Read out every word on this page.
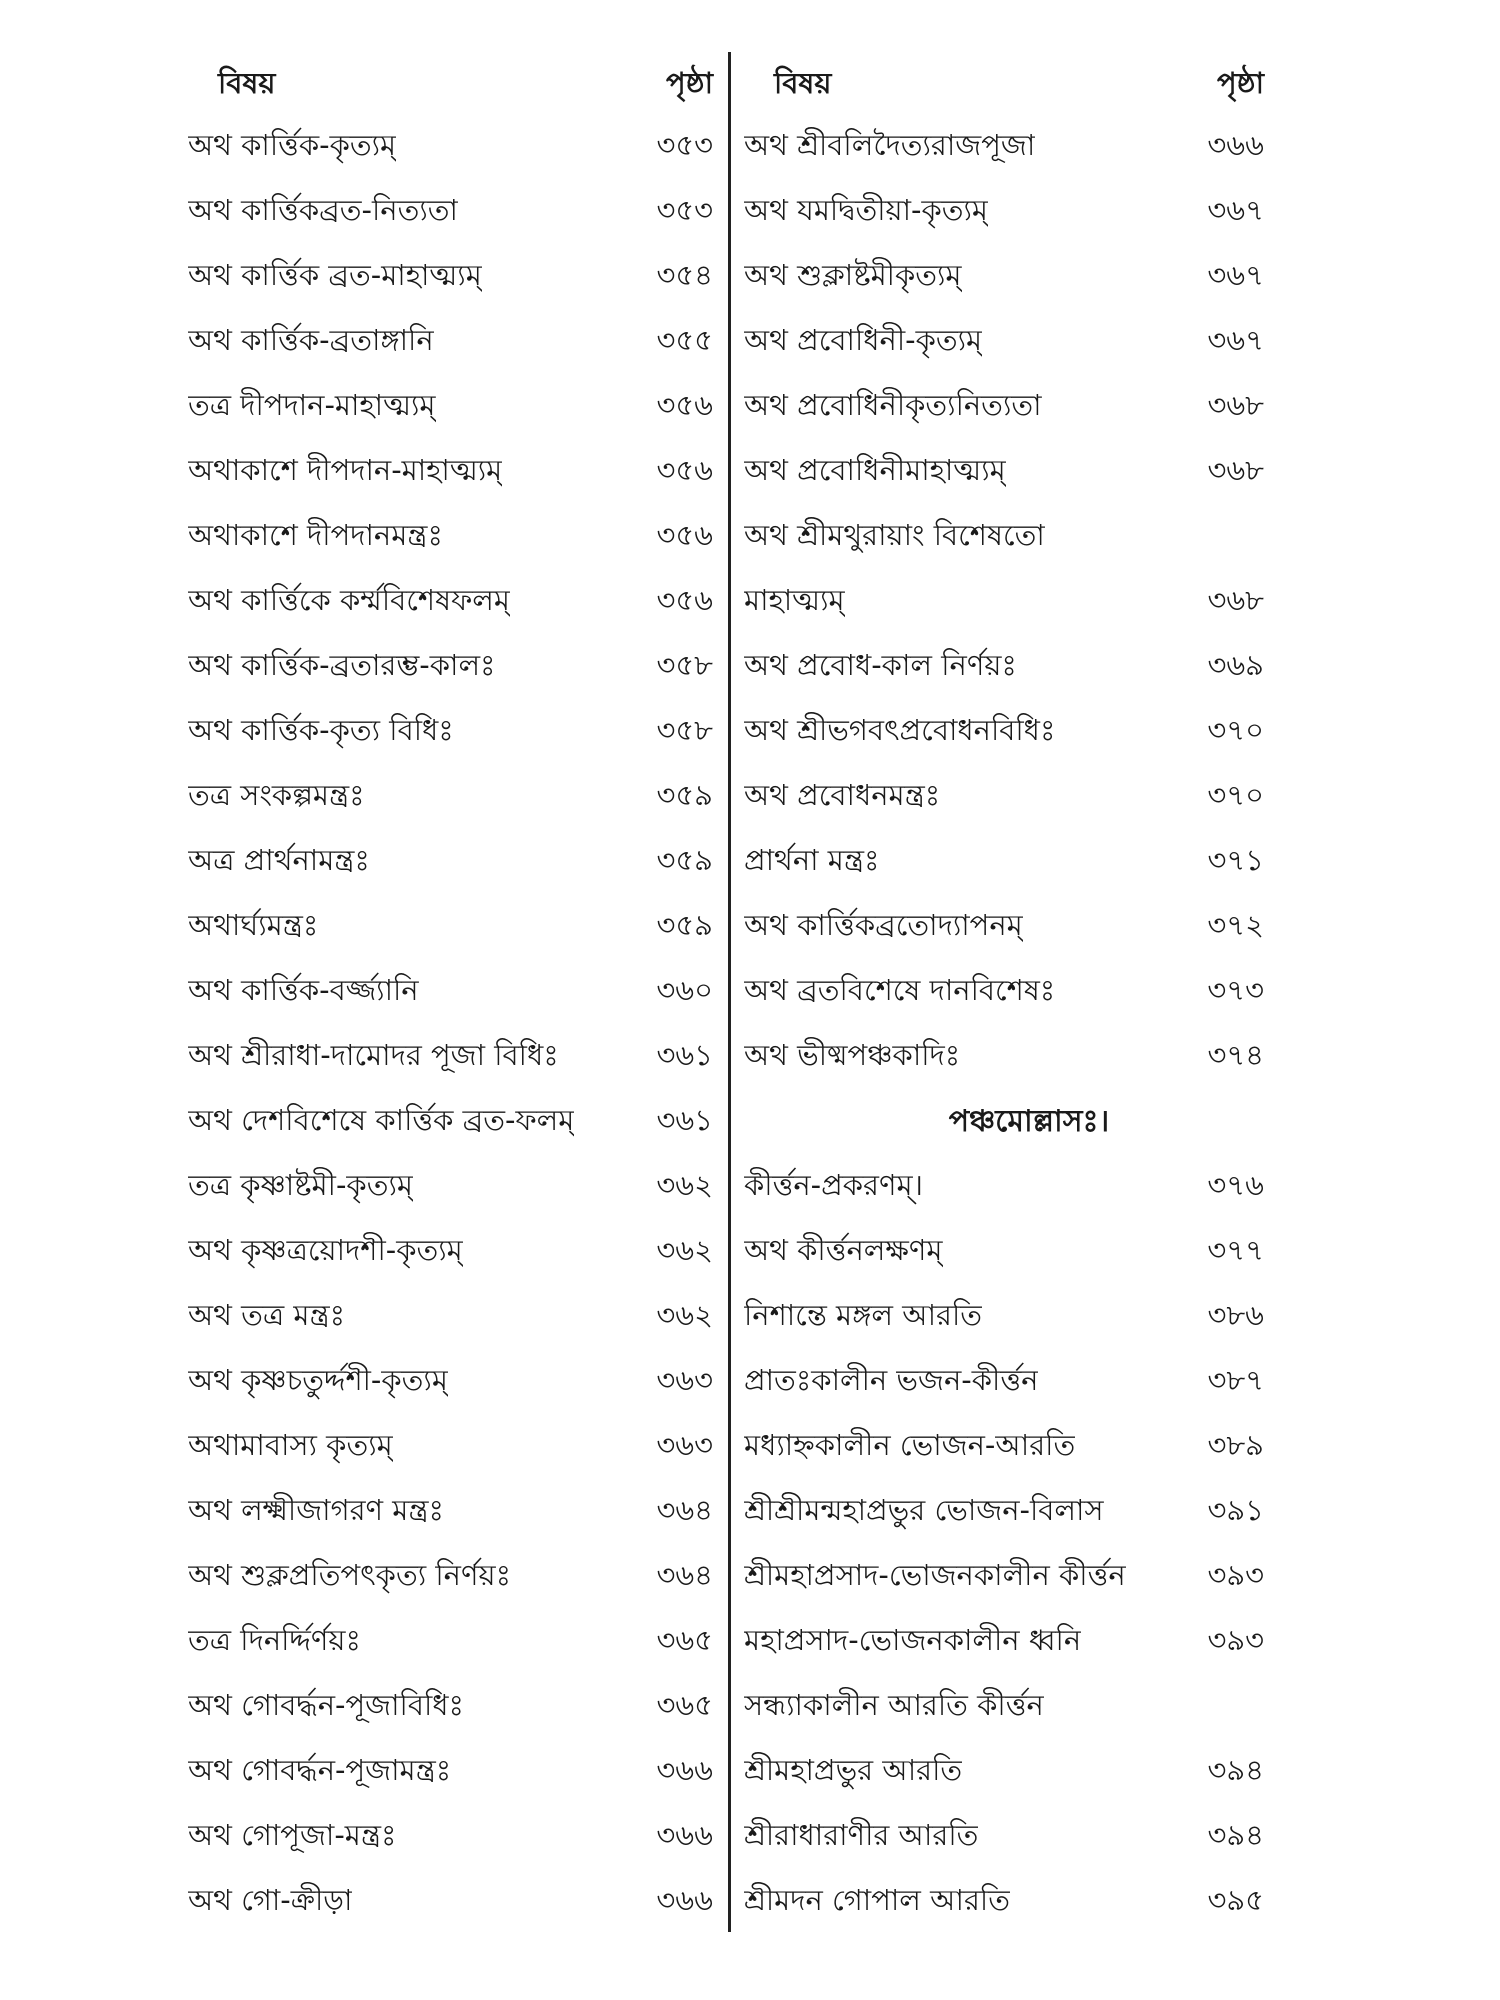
বিষয়	পৃষ্ঠা
অথ কার্ত্তিক-কৃত্যম্	৩৫৩
অথ কার্ত্তিকব্রত-নিত্যতা	৩৫৩
অথ কার্ত্তিক ব্রত-মাহাত্ম্যম্	৩৫৪
অথ কার্ত্তিক-ব্রতাঙ্গানি	৩৫৫
তত্র দীপদান-মাহাত্ম্যম্	৩৫৬
অথাকাশে দীপদান-মাহাত্ম্যম্	৩৫৬
অথাকাশে দীপদানমন্ত্রঃ	৩৫৬
অথ কার্ত্তিকে কর্ম্মবিশেষফলম্	৩৫৬
অথ কার্ত্তিক-ব্রতারম্ভ-কালঃ	৩৫৮
অথ কার্ত্তিক-কৃত্য বিধিঃ	৩৫৮
তত্র সংকল্পমন্ত্রঃ	৩৫৯
অত্র প্রার্থনামন্ত্রঃ	৩৫৯
অথার্ঘ্যমন্ত্রঃ	৩৫৯
অথ কার্ত্তিক-বর্জ্জ্যানি	৩৬০
অথ শ্রীরাধা-দামোদর পূজা বিধিঃ	৩৬১
অথ দেশবিশেষে কার্ত্তিক ব্রত-ফলম্	৩৬১
তত্র কৃষ্ণাষ্টমী-কৃত্যম্	৩৬২
অথ কৃষ্ণত্রয়োদশী-কৃত্যম্	৩৬২
অথ তত্র মন্ত্রঃ	৩৬২
অথ কৃষ্ণচতুর্দ্দশী-কৃত্যম্	৩৬৩
অথামাবাস্য কৃত্যম্	৩৬৩
অথ লক্ষ্মীজাগরণ মন্ত্রঃ	৩৬৪
অথ শুক্লপ্রতিপৎকৃত্য নির্ণয়ঃ	৩৬৪
তত্র দিনর্দ্দির্ণয়ঃ	৩৬৫
অথ গোবর্দ্ধন-পূজাবিধিঃ	৩৬৫
অথ গোবর্দ্ধন-পূজামন্ত্রঃ	৩৬৬
অথ গোপূজা-মন্ত্রঃ	৩৬৬
অথ গো-ক্রীড়া	৩৬৬
বিষয়	পৃষ্ঠা
অথ শ্রীবলিদৈত্যরাজপূজা	৩৬৬
অথ যমদ্বিতীয়া-কৃত্যম্	৩৬৭
অথ শুক্লাষ্টমীকৃত্যম্	৩৬৭
অথ প্রবোধিনী-কৃত্যম্	৩৬৭
অথ প্রবোধিনীকৃত্যনিত্যতা	৩৬৮
অথ প্রবোধিনীমাহাত্ম্যম্	৩৬৮
অথ শ্রীমথুরায়াং বিশেষতো
মাহাত্ম্যম্	৩৬৮
অথ প্রবোধ-কাল নির্ণয়ঃ	৩৬৯
অথ শ্রীভগবৎপ্রবোধনবিধিঃ	৩৭০
অথ প্রবোধনমন্ত্রঃ	৩৭০
প্রার্থনা মন্ত্রঃ	৩৭১
অথ কার্ত্তিকব্রতোদ্যাপনম্	৩৭২
অথ ব্রতবিশেষে দানবিশেষঃ	৩৭৩
অথ ভীষ্মপঞ্চকাদিঃ	৩৭৪
পঞ্চমোল্লাসঃ।
কীর্ত্তন-প্রকরণম্।	৩৭৬
অথ কীর্ত্তনলক্ষণম্	৩৭৭
নিশান্তে মঙ্গল আরতি	৩৮৬
প্রাতঃকালীন ভজন-কীর্ত্তন	৩৮৭
মধ্যাহ্নকালীন ভোজন-আরতি	৩৮৯
শ্রীশ্রীমন্মহাপ্রভুর ভোজন-বিলাস	৩৯১
শ্রীমহাপ্রসাদ-ভোজনকালীন কীর্ত্তন	৩৯৩
মহাপ্রসাদ-ভোজনকালীন ধ্বনি	৩৯৩
সন্ধ্যাকালীন আরতি কীর্ত্তন
শ্রীমহাপ্রভুর আরতি	৩৯৪
শ্রীরাধারাণীর আরতি	৩৯৪
শ্রীমদন গোপাল আরতি	৩৯৫
